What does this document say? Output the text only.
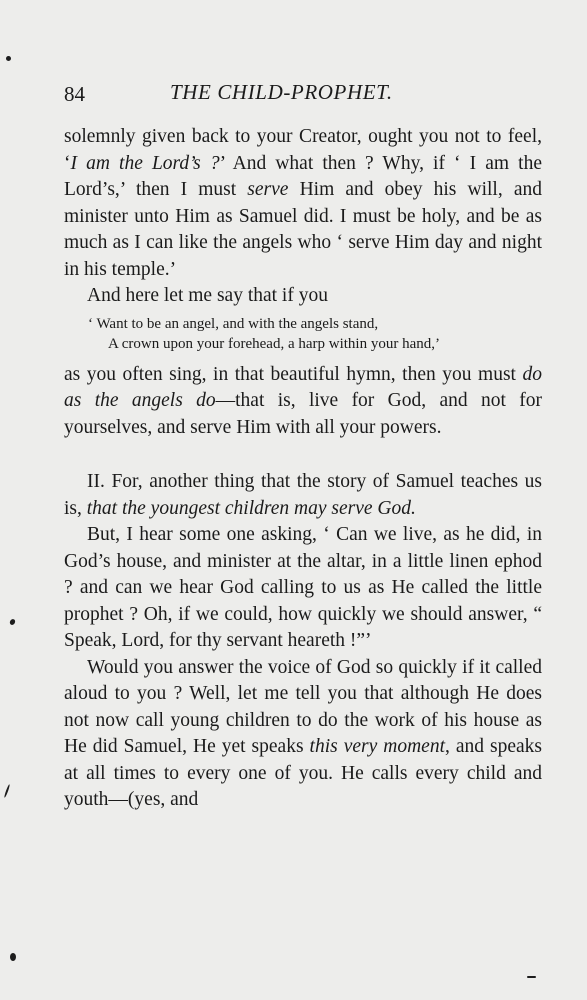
84	THE CHILD-PROPHET.

solemnly given back to your Creator, ought you not to feel, ‘I am the Lord’s ?’ And what then ? Why, if ‘ I am the Lord’s,’ then I must serve Him and obey his will, and minister unto Him as Samuel did. I must be holy, and be as much as I can like the angels who ‘ serve Him day and night in his temple.’

And here let me say that if you

‘ Want to be an angel, and with the angels stand,
A crown upon your forehead, a harp within your hand,’

as you often sing, in that beautiful hymn, then you must do as the angels do—that is, live for God, and not for yourselves, and serve Him with all your powers.

II. For, another thing that the story of Samuel teaches us is, that the youngest children may serve God.

But, I hear some one asking, ‘ Can we live, as he did, in God’s house, and minister at the altar, in a little linen ephod ? and can we hear God calling to us as He called the little prophet ? Oh, if we could, how quickly we should answer, “ Speak, Lord, for thy servant heareth !”’

Would you answer the voice of God so quickly if it called aloud to you ? Well, let me tell you that although He does not now call young children to do the work of his house as He did Samuel, He yet speaks this very moment, and speaks at all times to every one of you. He calls every child and youth—(yes, and
